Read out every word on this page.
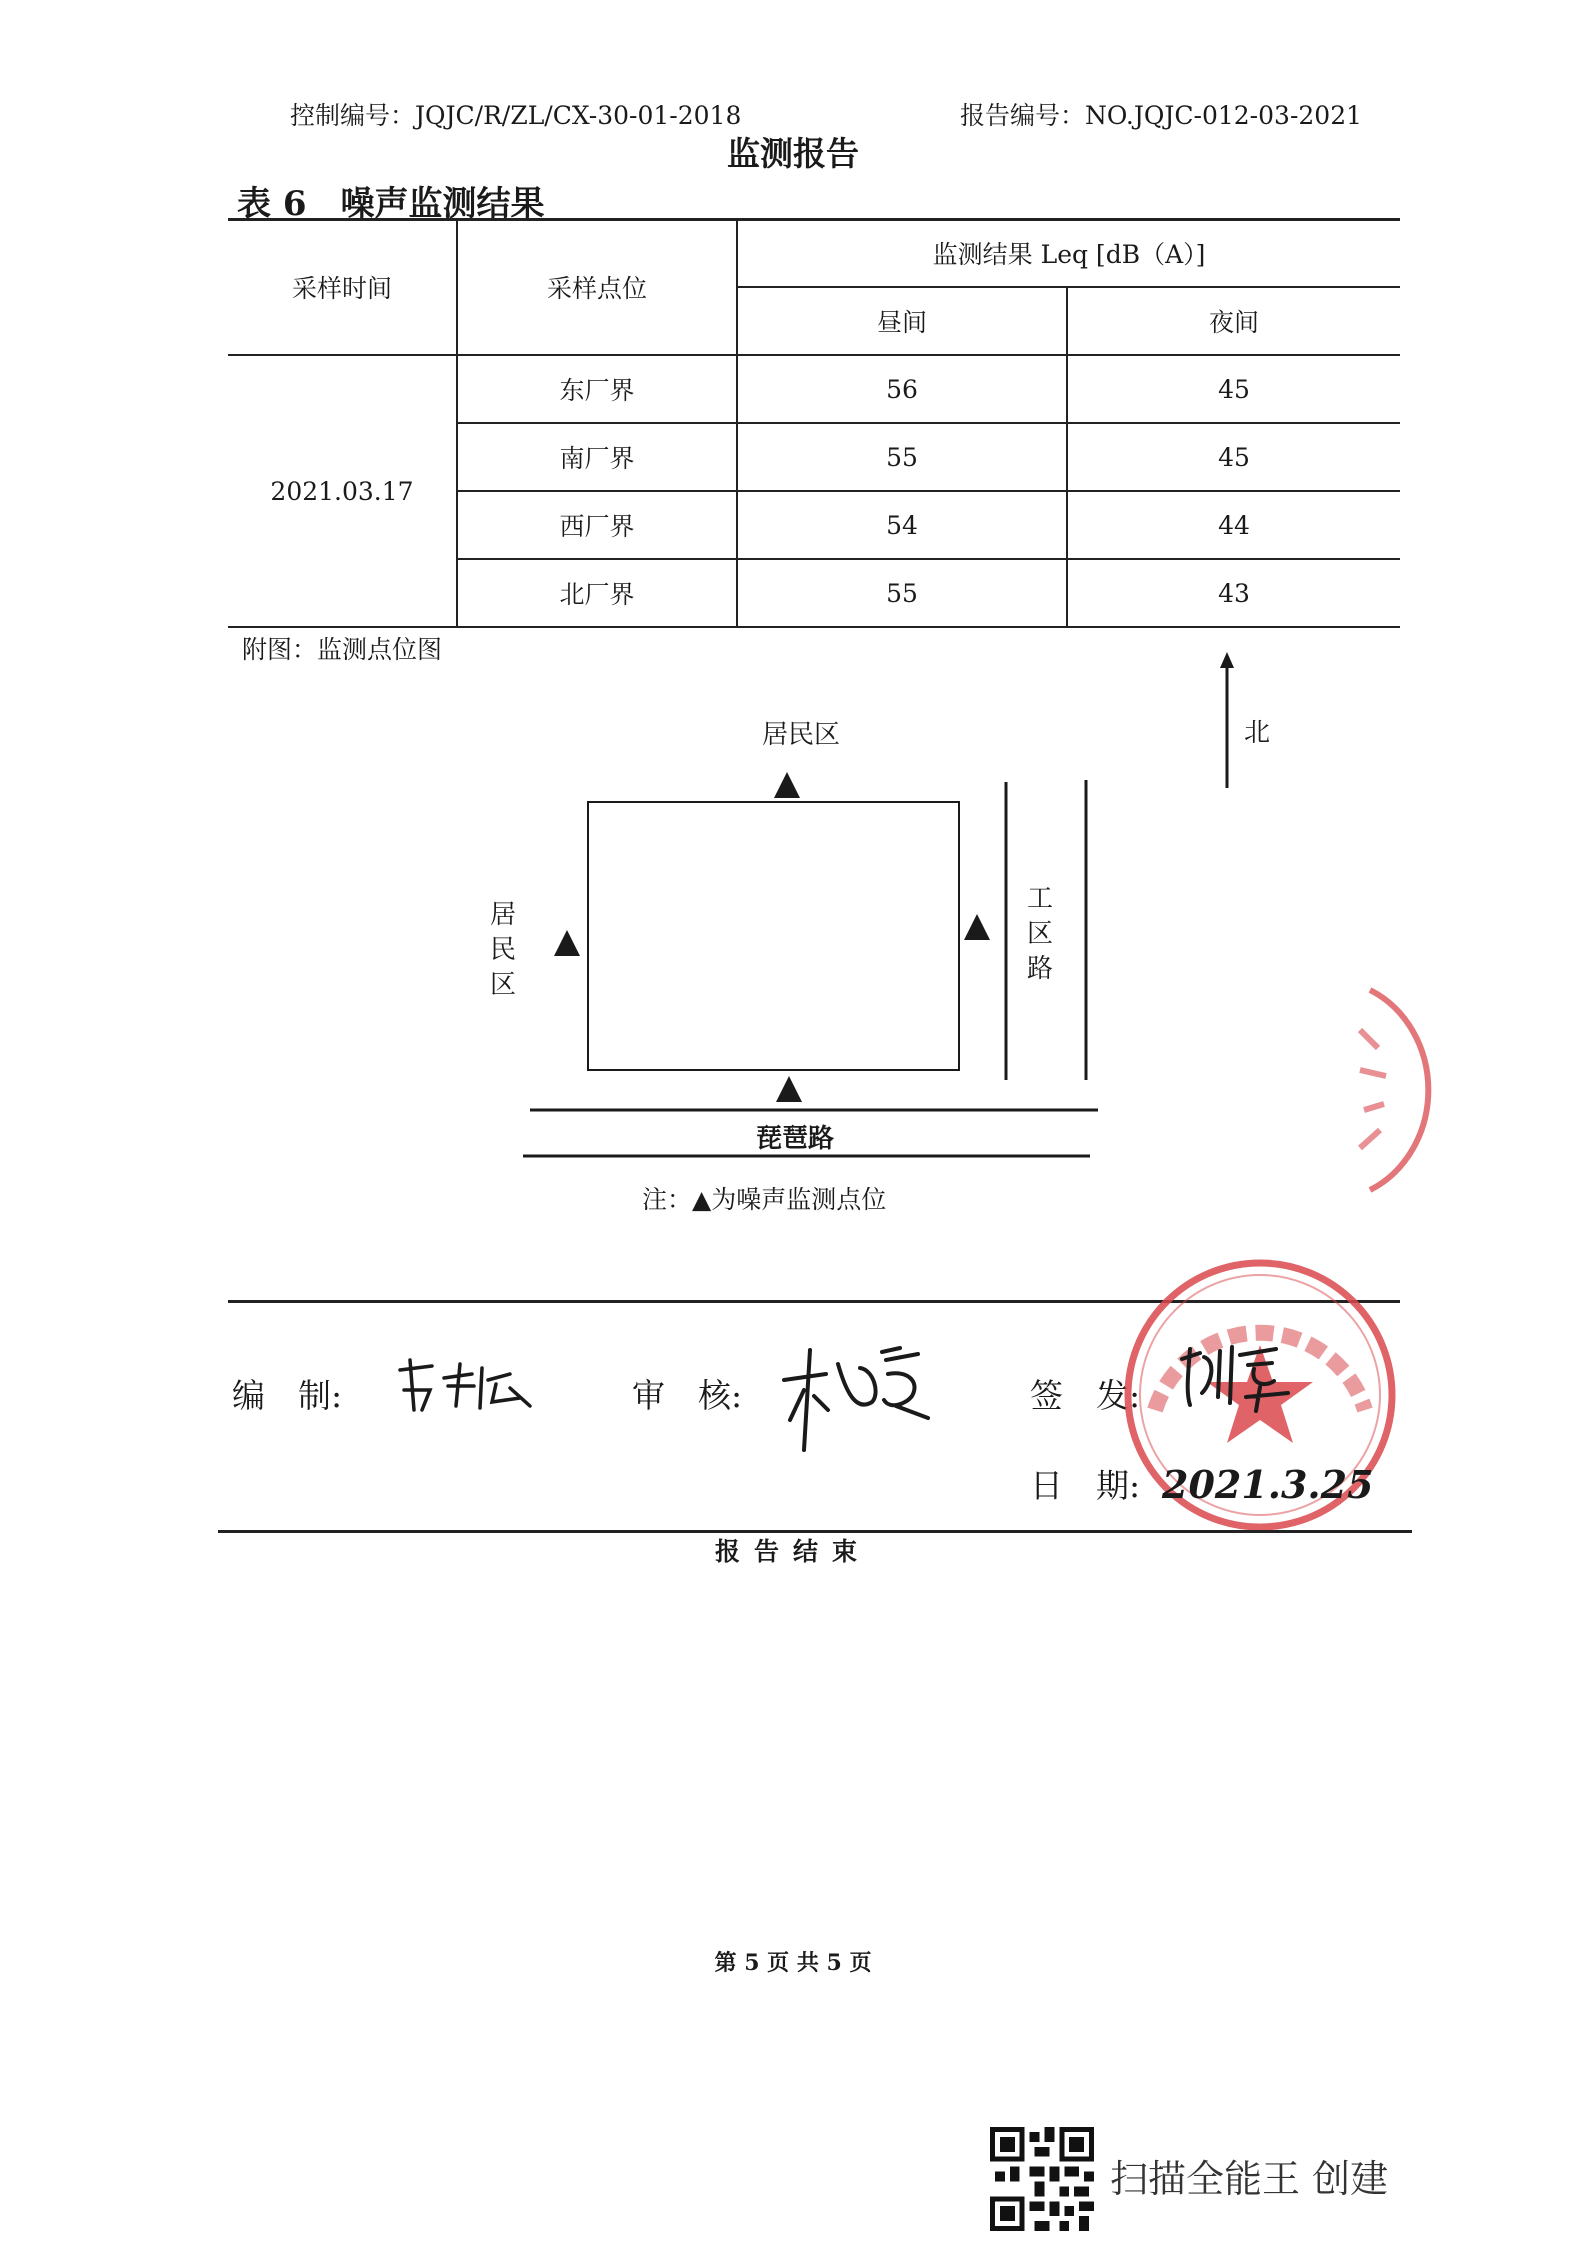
控制编号：JQJC/R/ZL/CX-30-01-2018	报告编号：NO.JQJC-012-03-2021
监测报告
表 6 噪声监测结果
采样时间	采样点位	监测结果 Leq [dB（A）]	
		昼间	夜间
2021.03.17	东厂界	56	45
	南厂界	55	45
	西厂界	54	44
	北厂界	55	43
附图：监测点位图
北
居民区
居
民
区
工
区
路
琵琶路
注：▲为噪声监测点位
编　制:	审　核:	签　发:
日　期: 2021.3.25
报告结束
第 5 页 共 5 页
扫描全能王 创建
